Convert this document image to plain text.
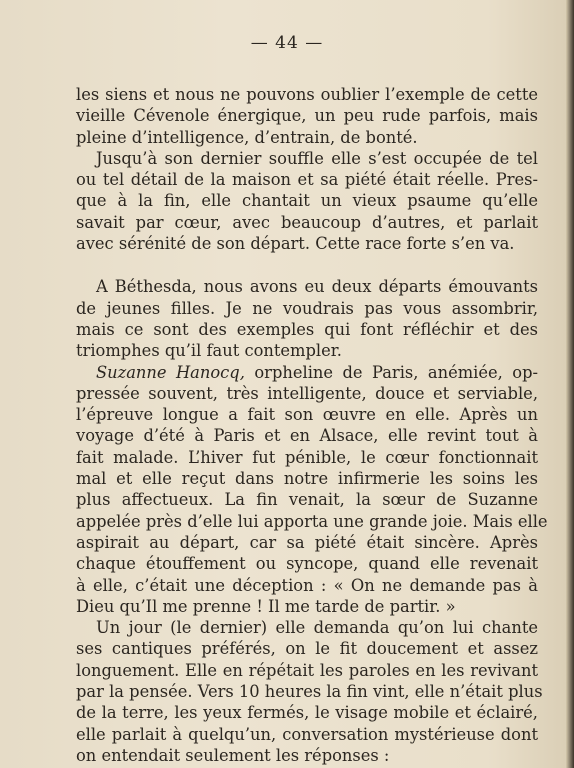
— 44 —
les siens et nous ne pouvons oublier l’exemple de cette
vieille Cévenole énergique, un peu rude parfois, mais
pleine d’intelligence, d’entrain, de bonté.
Jusqu’à son dernier souffle elle s’est occupée de tel
ou tel détail de la maison et sa piété était réelle. Pres-
que à la fin, elle chantait un vieux psaume qu’elle
savait par cœur, avec beaucoup d’autres, et parlait
avec sérénité de son départ. Cette race forte s’en va.
A Béthesda, nous avons eu deux départs émouvants
de jeunes filles. Je ne voudrais pas vous assombrir,
mais ce sont des exemples qui font réfléchir et des
triomphes qu’il faut contempler.
Suzanne Hanocq, orpheline de Paris, anémiée, op-
pressée souvent, très intelligente, douce et serviable,
l’épreuve longue a fait son œuvre en elle. Après un
voyage d’été à Paris et en Alsace, elle revint tout à
fait malade. L’hiver fut pénible, le cœur fonctionnait
mal et elle reçut dans notre infirmerie les soins les
plus affectueux. La fin venait, la sœur de Suzanne
appelée près d’elle lui apporta une grande joie. Mais elle
aspirait au départ, car sa piété était sincère. Après
chaque étouffement ou syncope, quand elle revenait
à elle, c’était une déception : « On ne demande pas à
Dieu qu’Il me prenne ! Il me tarde de partir. »
Un jour (le dernier) elle demanda qu’on lui chante
ses cantiques préférés, on le fit doucement et assez
longuement. Elle en répétait les paroles en les revivant
par la pensée. Vers 10 heures la fin vint, elle n’était plus
de la terre, les yeux fermés, le visage mobile et éclairé,
elle parlait à quelqu’un, conversation mystérieuse dont
on entendait seulement les réponses :
